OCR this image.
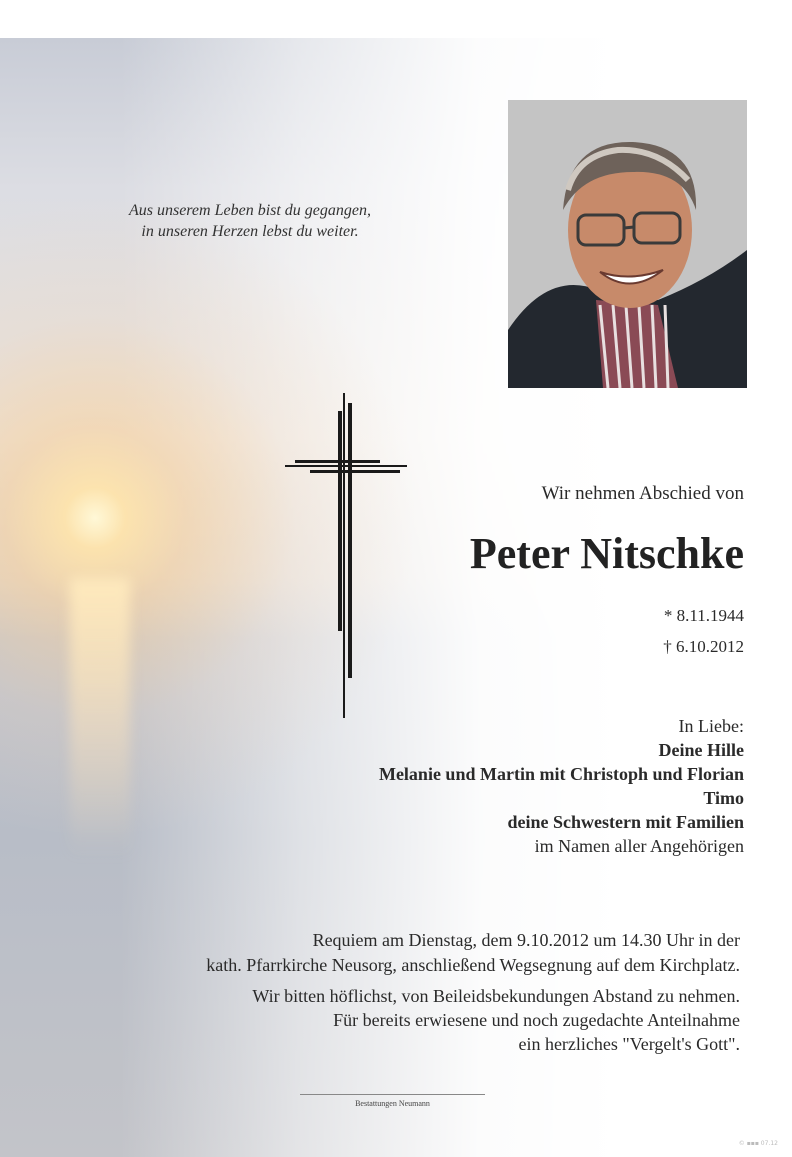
Aus unserem Leben bist du gegangen,
in unseren Herzen lebst du weiter.
Wir nehmen Abschied von
Peter Nitschke
* 8.11.1944
† 6.10.2012
In Liebe:
Deine Hille
Melanie und Martin mit Christoph und Florian
Timo
deine Schwestern mit Familien
im Namen aller Angehörigen
Requiem am Dienstag, dem 9.10.2012 um 14.30 Uhr in der
kath. Pfarrkirche Neusorg, anschließend Wegsegnung auf dem Kirchplatz.
Wir bitten höflichst, von Beileidsbekundungen Abstand zu nehmen.
Für bereits erwiesene und noch zugedachte Anteilnahme
ein herzliches "Vergelt's Gott".
Bestattungen Neumann
© ▪▪▪ 07.12
